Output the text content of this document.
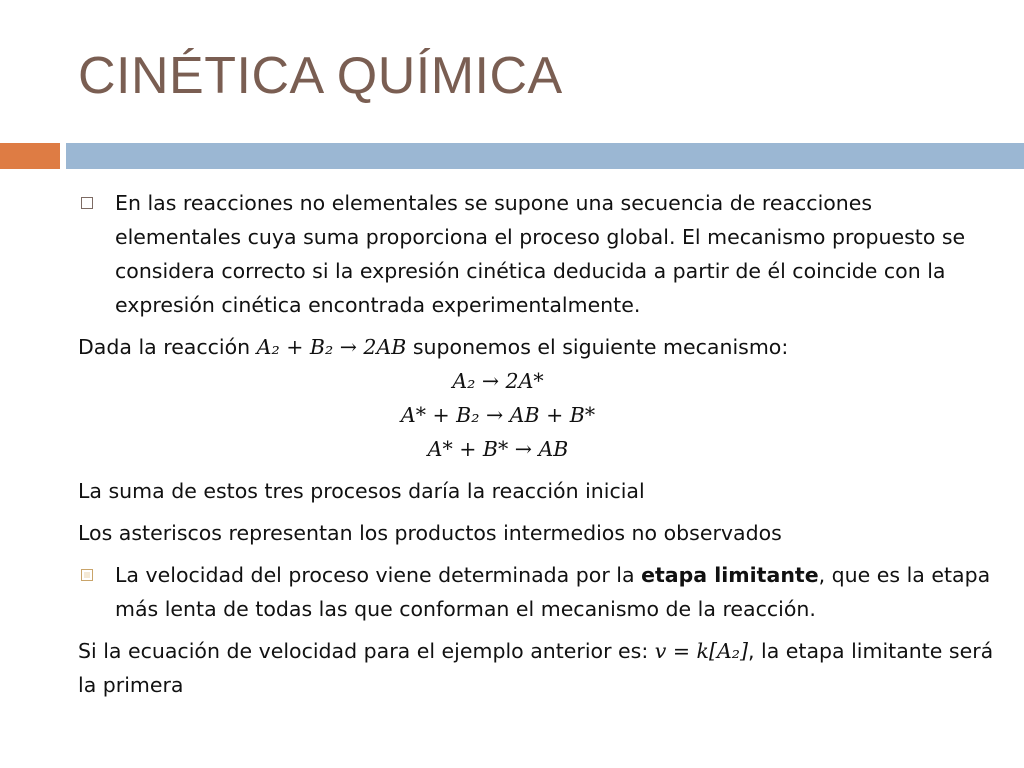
CINÉTICA QUÍMICA
En las reacciones no elementales se supone una secuencia de reacciones elementales cuya suma proporciona el proceso global. El mecanismo propuesto se considera correcto si la expresión cinética deducida a partir de él coincide con la expresión cinética encontrada experimentalmente.
Dada la reacción A₂ + B₂ → 2AB suponemos el siguiente mecanismo:
A₂ → 2A*
A* + B₂ → AB + B*
A* + B* → AB
La suma de estos tres procesos daría la reacción inicial
Los asteriscos representan los productos intermedios no observados
La velocidad del proceso viene determinada por la etapa limitante, que es la etapa más lenta de todas las que conforman el mecanismo de la reacción.
Si la ecuación de velocidad para el ejemplo anterior es: v = k[A₂], la etapa limitante será la primera
